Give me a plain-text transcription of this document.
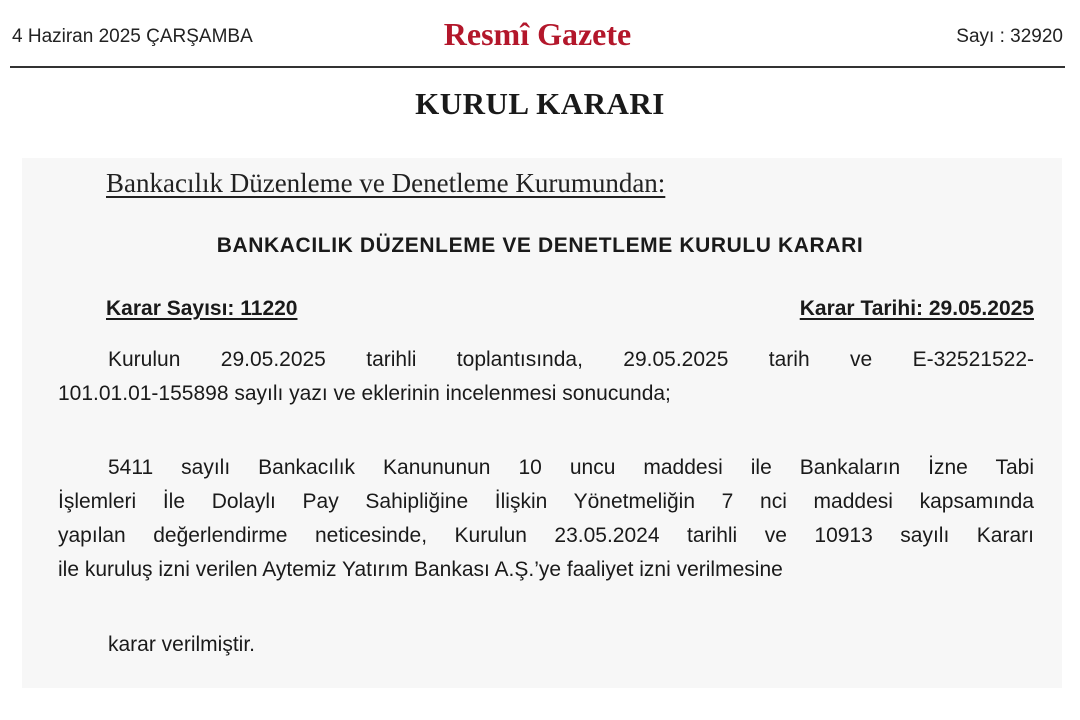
4 Haziran 2025 ÇARŞAMBA	Resmî Gazete	Sayı : 32920
KURUL KARARI
Bankacılık Düzenleme ve Denetleme Kurumundan:
BANKACILIK DÜZENLEME VE DENETLEME KURULU KARARI
Karar Sayısı: 11220	Karar Tarihi: 29.05.2025
Kurulun 29.05.2025 tarihli toplantısında, 29.05.2025 tarih ve E-32521522-
101.01.01-155898 sayılı yazı ve eklerinin incelenmesi sonucunda;
5411 sayılı Bankacılık Kanununun 10 uncu maddesi ile Bankaların İzne Tabi
İşlemleri İle Dolaylı Pay Sahipliğine İlişkin Yönetmeliğin 7 nci maddesi kapsamında
yapılan değerlendirme neticesinde, Kurulun 23.05.2024 tarihli ve 10913 sayılı Kararı
ile kuruluş izni verilen Aytemiz Yatırım Bankası A.Ş.’ye faaliyet izni verilmesine
karar verilmiştir.
